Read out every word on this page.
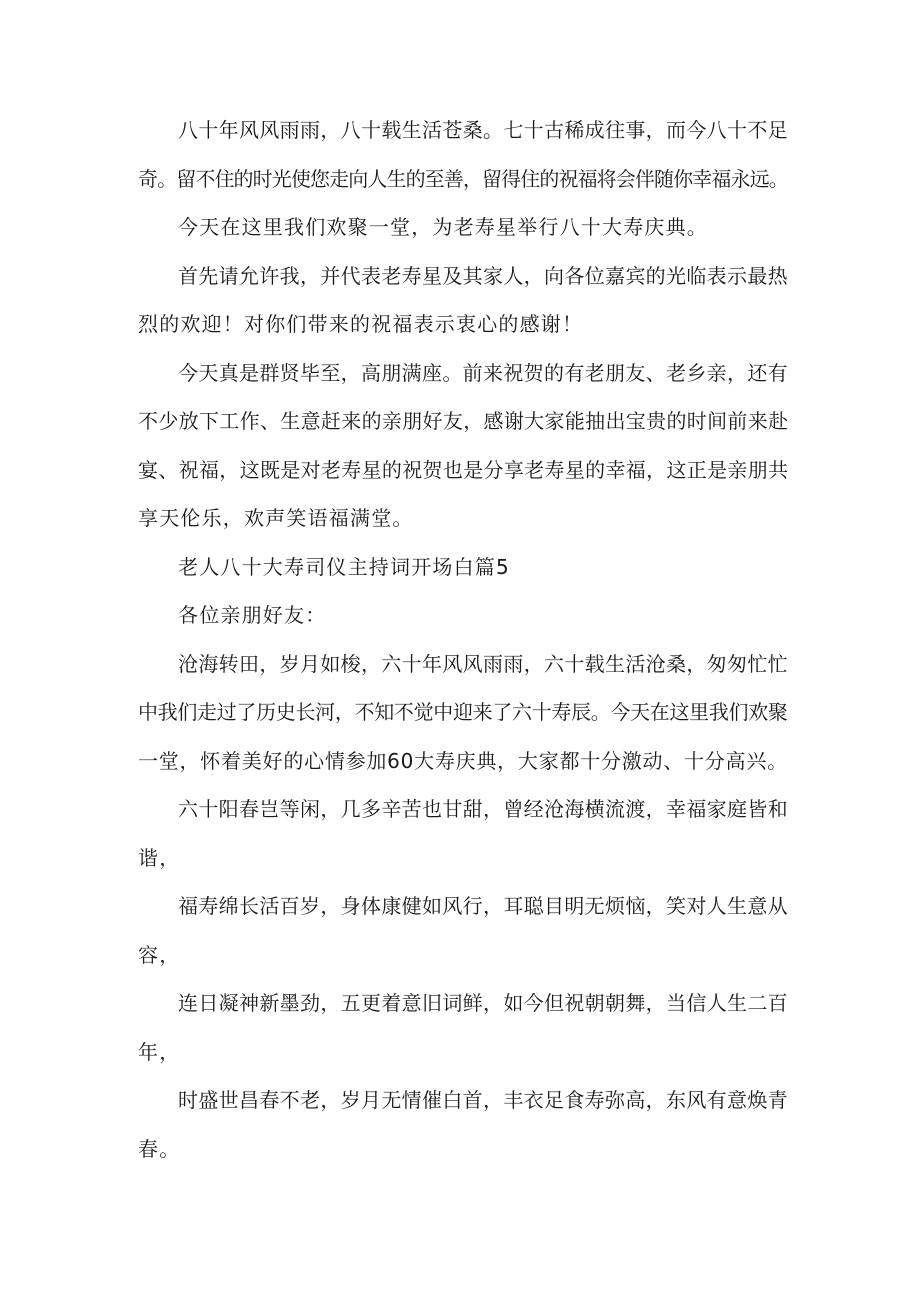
八十年风风雨雨，八十载生活苍桑。七十古稀成往事，而今八十不足
奇。留不住的时光使您走向人生的至善，留得住的祝福将会伴随你幸福永远。

今天在这里我们欢聚一堂，为老寿星举行八十大寿庆典。

首先请允许我，并代表老寿星及其家人，向各位嘉宾的光临表示最热
烈的欢迎！对你们带来的祝福表示衷心的感谢！

今天真是群贤毕至，高朋满座。前来祝贺的有老朋友、老乡亲，还有
不少放下工作、生意赶来的亲朋好友，感谢大家能抽出宝贵的时间前来赴
宴、祝福，这既是对老寿星的祝贺也是分享老寿星的幸福，这正是亲朋共
享天伦乐，欢声笑语福满堂。

老人八十大寿司仪主持词开场白篇5

各位亲朋好友：

沧海转田，岁月如梭，六十年风风雨雨，六十载生活沧桑，匆匆忙忙
中我们走过了历史长河，不知不觉中迎来了六十寿辰。今天在这里我们欢聚
一堂，怀着美好的心情参加60大寿庆典，大家都十分激动、十分高兴。

六十阳春岂等闲，几多辛苦也甘甜，曾经沧海横流渡，幸福家庭皆和
谐，

福寿绵长活百岁，身体康健如风行，耳聪目明无烦恼，笑对人生意从
容，

连日凝神新墨劲，五更着意旧词鲜，如今但祝朝朝舞，当信人生二百
年，

时盛世昌春不老，岁月无情催白首，丰衣足食寿弥高，东风有意焕青
春。
